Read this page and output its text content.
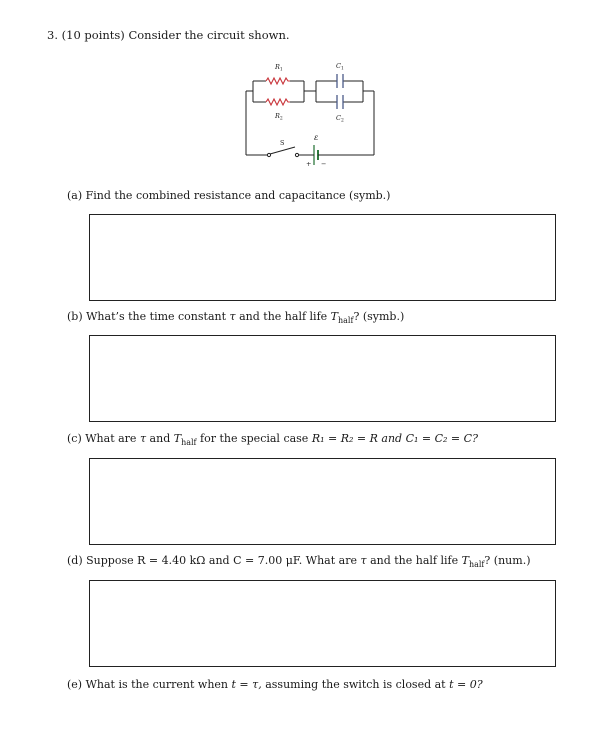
3. (10 points) Consider the circuit shown.
$R_1$
$R_2$
$C_1$
$C_2$
S
ε
+ −
(a) Find the combined resistance and capacitance (symb.)
(b) What’s the time constant τ and the half life $T_{half}$? (symb.)
(c) What are τ and $T_{half}$ for the special case R₁ = R₂ = R and C₁ = C₂ = C?
(d) Suppose R = 4.40 kΩ and C = 7.00 μF. What are τ and the half life $T_{half}$? (num.)
(e) What is the current when t = τ, assuming the switch is closed at t = 0?
